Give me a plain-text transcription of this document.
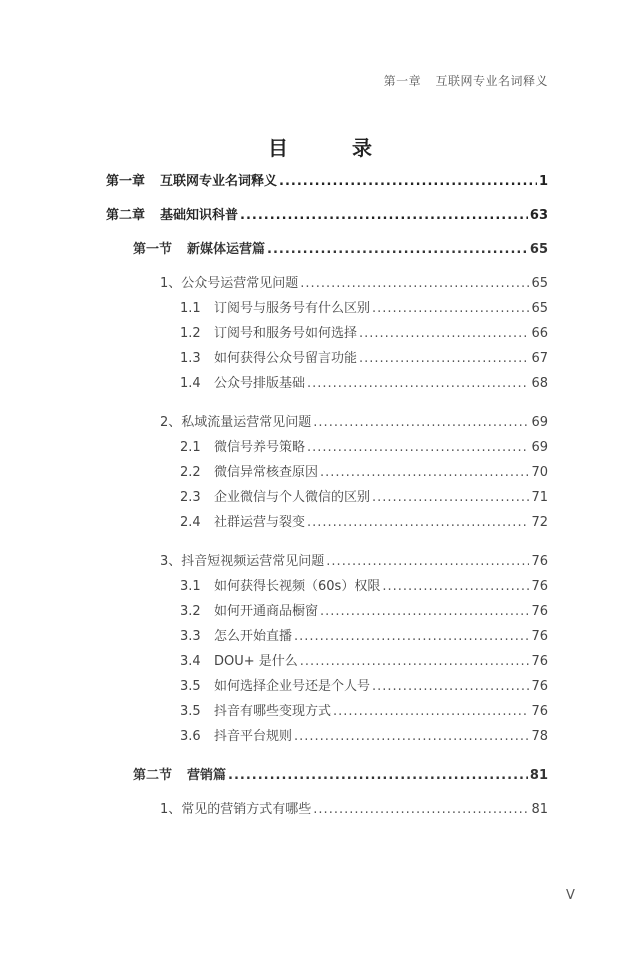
第一章 互联网专业名词释义
目　录
第一章	互联网专业名词释义 .....	1
第二章	基础知识科普 .....	63
第一节	新媒体运营篇 .....	65
1、 公众号运营常见问题 .....	65
1.1	订阅号与服务号有什么区别 .....	65
1.2	订阅号和服务号如何选择 .....	66
1.3	如何获得公众号留言功能 .....	67
1.4	公众号排版基础 .....	68
2、 私域流量运营常见问题 .....	69
2.1	微信号养号策略 .....	69
2.2	微信异常核查原因 .....	70
2.3	企业微信与个人微信的区别 .....	71
2.4	社群运营与裂变 .....	72
3、 抖音短视频运营常见问题 .....	76
3.1	如何获得长视频（60s）权限 .....	76
3.2	如何开通商品橱窗 .....	76
3.3	怎么开始直播 .....	76
3.4	DOU+ 是什么 .....	76
3.5	如何选择企业号还是个人号 .....	76
3.5	抖音有哪些变现方式 .....	76
3.6	抖音平台规则 .....	78
第二节	营销篇 .....	81
1、 常见的营销方式有哪些 .....	81
V
